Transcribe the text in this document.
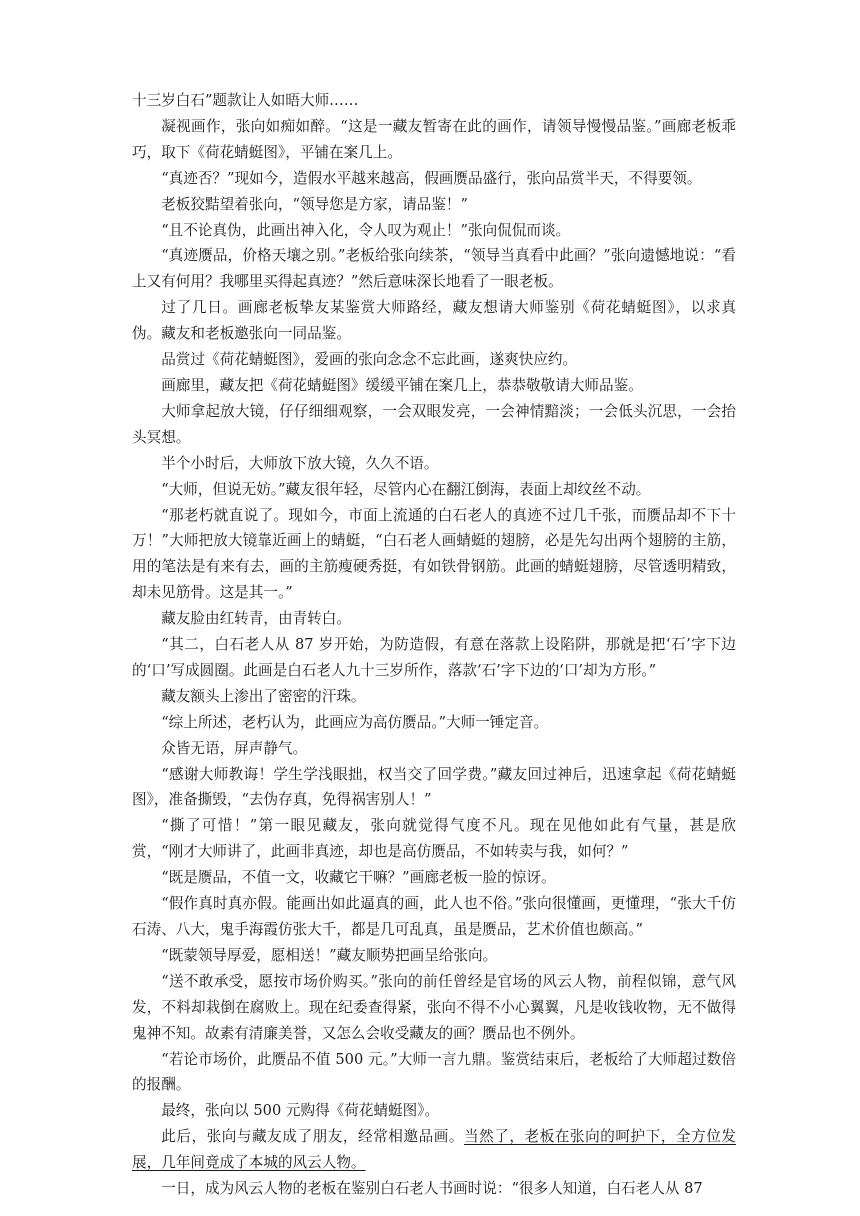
十三岁白石”题款让人如晤大师……

凝视画作，张向如痴如醉。“这是一藏友暂寄在此的画作，请领导慢慢品鉴。”画廊老板乖巧，取下《荷花蜻蜓图》，平铺在案几上。

“真迹否？”现如今，造假水平越来越高，假画赝品盛行，张向品赏半天，不得要领。

老板狡黠望着张向，“领导您是方家，请品鉴！”

“且不论真伪，此画出神入化，令人叹为观止！”张向侃侃而谈。

“真迹赝品，价格天壤之别。”老板给张向续茶，“领导当真看中此画？”张向遗憾地说：“看上又有何用？我哪里买得起真迹？”然后意味深长地看了一眼老板。

过了几日。画廊老板挚友某鉴赏大师路经，藏友想请大师鉴别《荷花蜻蜓图》，以求真伪。藏友和老板邀张向一同品鉴。

品赏过《荷花蜻蜓图》，爱画的张向念念不忘此画，遂爽快应约。

画廊里，藏友把《荷花蜻蜓图》缓缓平铺在案几上，恭恭敬敬请大师品鉴。

大师拿起放大镜，仔仔细细观察，一会双眼发亮，一会神情黯淡；一会低头沉思，一会抬头冥想。

半个小时后，大师放下放大镜，久久不语。

“大师，但说无妨。”藏友很年轻，尽管内心在翻江倒海，表面上却纹丝不动。

“那老朽就直说了。现如今，市面上流通的白石老人的真迹不过几千张，而赝品却不下十万！”大师把放大镜靠近画上的蜻蜓，“白石老人画蜻蜓的翅膀，必是先勾出两个翅膀的主筋，用的笔法是有来有去，画的主筋瘦硬秀挺，有如铁骨钢筋。此画的蜻蜓翅膀，尽管透明精致，却未见筋骨。这是其一。”

藏友脸由红转青，由青转白。

“其二，白石老人从 87 岁开始，为防造假，有意在落款上设陷阱，那就是把‘石’字下边的‘口’写成圆圈。此画是白石老人九十三岁所作，落款‘石’字下边的‘口’却为方形。”

藏友额头上渗出了密密的汗珠。

“综上所述，老朽认为，此画应为高仿赝品。”大师一锤定音。

众皆无语，屏声静气。

“感谢大师教诲！学生学浅眼拙，权当交了回学费。”藏友回过神后，迅速拿起《荷花蜻蜓图》，准备撕毁，“去伪存真，免得祸害别人！”

“撕了可惜！”第一眼见藏友，张向就觉得气度不凡。现在见他如此有气量，甚是欣赏，“刚才大师讲了，此画非真迹，却也是高仿赝品，不如转卖与我，如何？”

“既是赝品，不值一文，收藏它干嘛？”画廊老板一脸的惊讶。

“假作真时真亦假。能画出如此逼真的画，此人也不俗。”张向很懂画，更懂理，“张大千仿石涛、八大，鬼手海霞仿张大千，都是几可乱真，虽是赝品，艺术价值也颇高。”

“既蒙领导厚爱，愿相送！”藏友顺势把画呈给张向。

“送不敢承受，愿按市场价购买。”张向的前任曾经是官场的风云人物，前程似锦，意气风发，不料却栽倒在腐败上。现在纪委查得紧，张向不得不小心翼翼，凡是收钱收物，无不做得鬼神不知。故素有清廉美誉，又怎么会收受藏友的画？赝品也不例外。

“若论市场价，此赝品不值 500 元。”大师一言九鼎。鉴赏结束后，老板给了大师超过数倍的报酬。

最终，张向以 500 元购得《荷花蜻蜓图》。

此后，张向与藏友成了朋友，经常相邀品画。当然了，老板在张向的呵护下，全方位发展，几年间竟成了本城的风云人物。

一日，成为风云人物的老板在鉴别白石老人书画时说：“很多人知道，白石老人从 87
